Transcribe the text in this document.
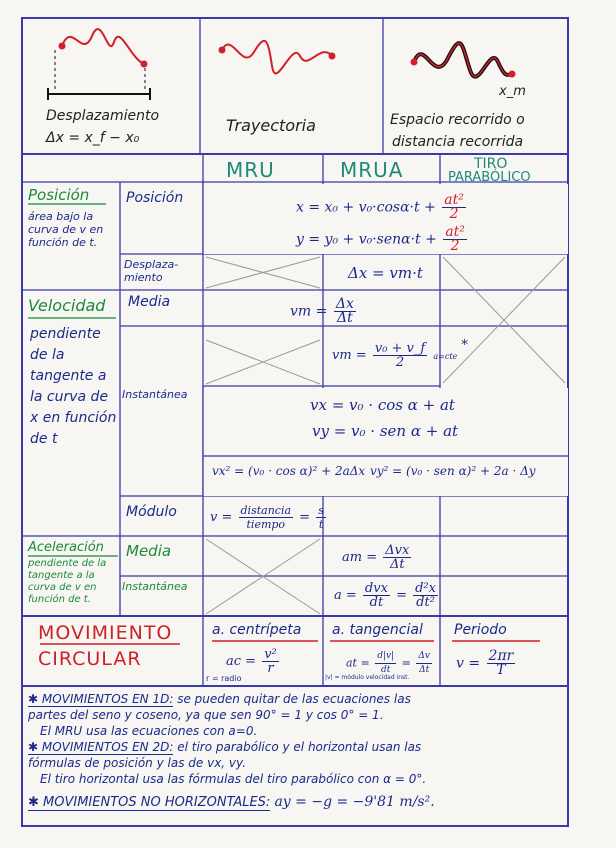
Desplazamiento
Δx = x_f − x₀
Trayectoria
x_m
Espacio recorrido o
distancia recorrida
MRU	MRUA	TIRO
PARABÓLICO
Posición
área bajo la curva de v en función de t.
Posición
Desplaza-miento
$x = x_0 + v_0\cdot\cos\alpha\cdot t + \frac{\text{at²}}{2}$
$y = y_0 + v_0\cdot sen\alpha\cdot t + \frac{\text{at²}}{2}$
Δx = vm·t
Velocidad
pendiente de la tangente a la curva de x en función de t
Media
Instantánea
Módulo
vm = $\frac{\Delta x}{\Delta t}$
vm = $\frac{\text{v₀ + v\_f}}{2} a=cte$ *
vx = v₀ · cos α + at
vy = v₀ · sen α + at
vx² = (v₀ · cos α)² + 2aΔx vy² = (v₀ · sen α)² + 2a · Δy
$v = \frac{\text{distancia}}{\text{tiempo}} = \frac{s}{t}$
Aceleración
pendiente de la tangente a la curva de v en función de t.
Media
Instantánea
am = $\frac{\text{Δvx}}{\Delta t}$
$a = \frac{\text{dvx}}{dt} = \frac{\text{d²x}}{\text{dt²}}$
MOVIMIENTO
CIRCULAR
a. centrípeta a. tangencial Periodo
ac = $\frac{\text{v²}}{r}$
r = radio
at = $\frac{d|v|}{dt} = \frac{\Delta v}{\Delta t}$
|v| = módulo velocidad inst.
$v = \frac{2\pi r}{T}$
✱ MOVIMIENTOS EN 1D: se pueden quitar de las ecuaciones las
partes del seno y coseno, ya que sen 90° = 1 y cos 0° = 1.
El MRU usa las ecuaciones con a=0.
✱ MOVIMIENTOS EN 2D: el tiro parabólico y el horizontal usan las
fórmulas de posición y las de vx, vy.
El tiro horizontal usa las fórmulas del tiro parabólico con α = 0°.
✱ MOVIMIENTOS NO HORIZONTALES: ay = −g = −9'81 m/s².
